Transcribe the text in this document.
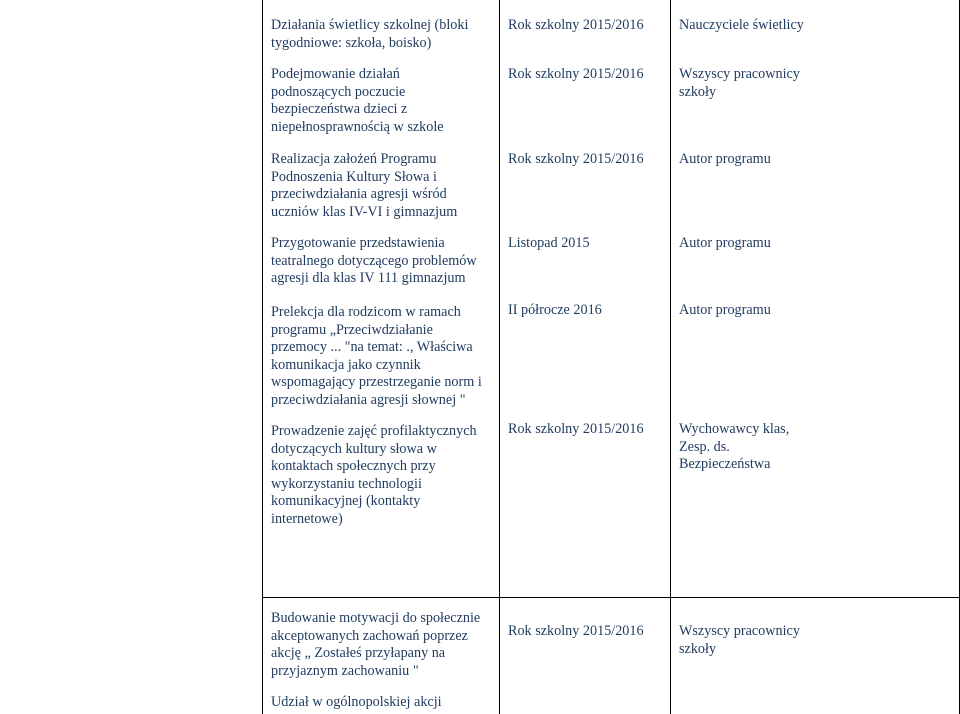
Działania świetlicy szkolnej (bloki
tygodniowe: szkoła, boisko)
Rok szkolny 2015/2016	Nauczyciele świetlicy
Podejmowanie działań
podnoszących poczucie
bezpieczeństwa dzieci z
niepełnosprawnością w szkole
Rok szkolny 2015/2016	Wszyscy pracownicy
szkoły
Realizacja założeń Programu
Podnoszenia Kultury Słowa i
przeciwdziałania agresji wśród
uczniów klas IV-VI i gimnazjum
Rok szkolny 2015/2016	Autor programu
Przygotowanie przedstawienia
teatralnego dotyczącego problemów
agresji dla klas IV 111 gimnazjum
Listopad 2015	Autor programu
Prelekcja dla rodzicom w ramach
programu „Przeciwdziałanie
przemocy ... "na temat: ., Właściwa
komunikacja jako czynnik
wspomagający przestrzeganie norm i
przeciwdziałania agresji słownej "
II półrocze 2016	Autor programu
Prowadzenie zajęć profilaktycznych
dotyczących kultury słowa w
kontaktach społecznych przy
wykorzystaniu technologii
komunikacyjnej (kontakty
internetowe)
Rok szkolny 2015/2016	Wychowawcy klas,
Zesp. ds.
Bezpieczeństwa
Budowanie motywacji do społecznie
akceptowanych zachowań poprzez
akcję „ Zostałeś przyłapany na
przyjaznym zachowaniu "
Rok szkolny 2015/2016	Wszyscy pracownicy
szkoły
Udział w ogólnopolskiej akcji
